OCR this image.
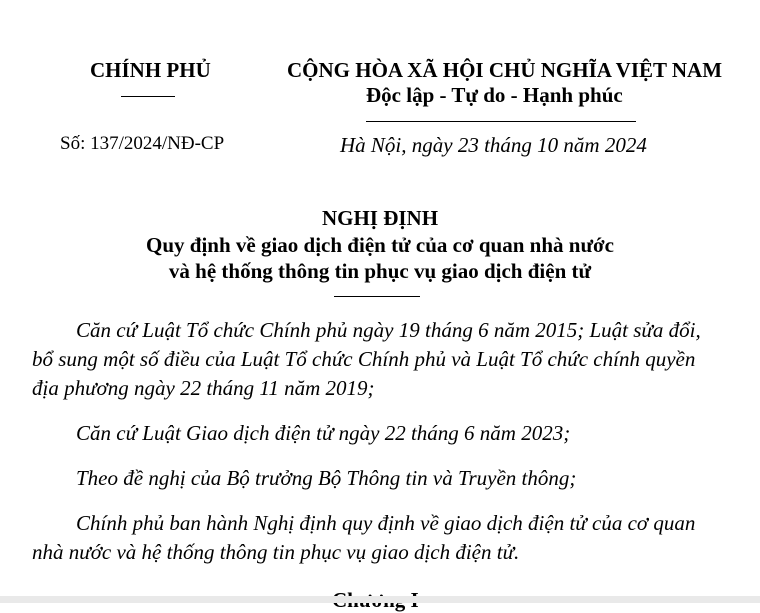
CHÍNH PHỦ
Số: 137/2024/NĐ-CP
CỘNG HÒA XÃ HỘI CHỦ NGHĨA VIỆT NAM
Độc lập - Tự do - Hạnh phúc
Hà Nội, ngày 23 tháng 10 năm 2024
NGHỊ ĐỊNH
Quy định về giao dịch điện tử của cơ quan nhà nước
và hệ thống thông tin phục vụ giao dịch điện tử
Căn cứ Luật Tổ chức Chính phủ ngày 19 tháng 6 năm 2015; Luật sửa đổi,
bổ sung một số điều của Luật Tổ chức Chính phủ và Luật Tổ chức chính quyền
địa phương ngày 22 tháng 11 năm 2019;
Căn cứ Luật Giao dịch điện tử ngày 22 tháng 6 năm 2023;
Theo đề nghị của Bộ trưởng Bộ Thông tin và Truyền thông;
Chính phủ ban hành Nghị định quy định về giao dịch điện tử của cơ quan
nhà nước và hệ thống thông tin phục vụ giao dịch điện tử.
